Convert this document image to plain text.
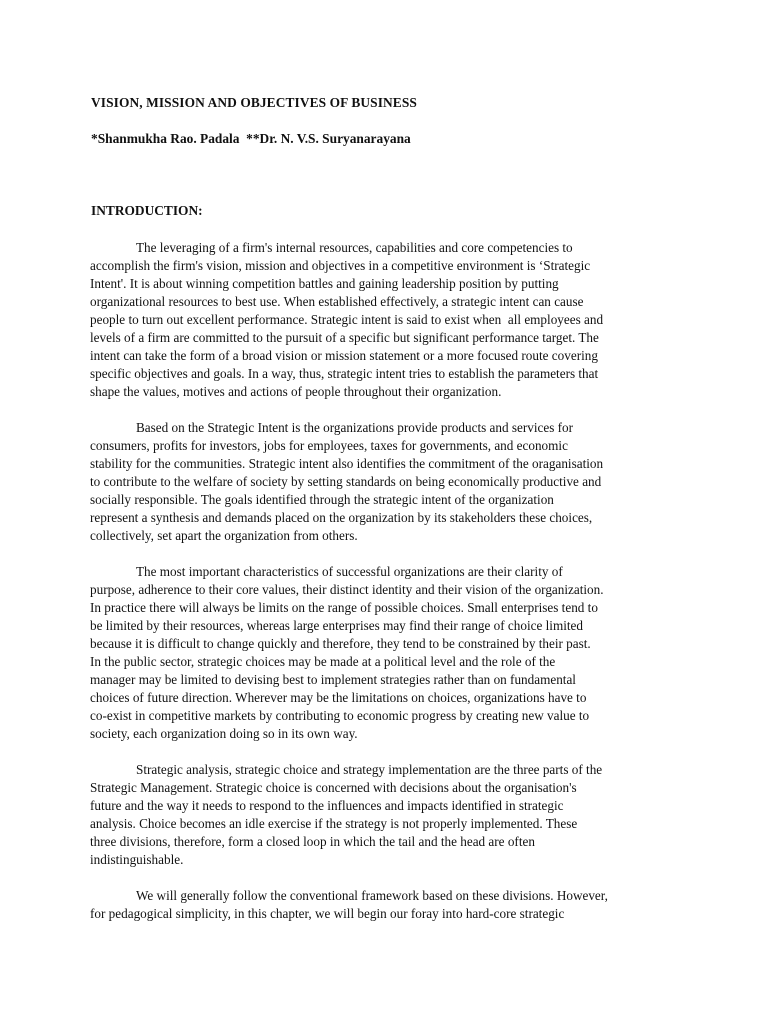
VISION, MISSION AND OBJECTIVES OF BUSINESS

*Shanmukha Rao. Padala  **Dr. N. V.S. Suryanarayana

INTRODUCTION:

The leveraging of a firm's internal resources, capabilities and core competencies to
accomplish the firm's vision, mission and objectives in a competitive environment is ‘Strategic
Intent'. It is about winning competition battles and gaining leadership position by putting
organizational resources to best use. When established effectively, a strategic intent can cause
people to turn out excellent performance. Strategic intent is said to exist when  all employees and
levels of a firm are committed to the pursuit of a specific but significant performance target. The
intent can take the form of a broad vision or mission statement or a more focused route covering
specific objectives and goals. In a way, thus, strategic intent tries to establish the parameters that
shape the values, motives and actions of people throughout their organization.

Based on the Strategic Intent is the organizations provide products and services for
consumers, profits for investors, jobs for employees, taxes for governments, and economic
stability for the communities. Strategic intent also identifies the commitment of the oraganisation
to contribute to the welfare of society by setting standards on being economically productive and
socially responsible. The goals identified through the strategic intent of the organization
represent a synthesis and demands placed on the organization by its stakeholders these choices,
collectively, set apart the organization from others.

The most important characteristics of successful organizations are their clarity of
purpose, adherence to their core values, their distinct identity and their vision of the organization.
In practice there will always be limits on the range of possible choices. Small enterprises tend to
be limited by their resources, whereas large enterprises may find their range of choice limited
because it is difficult to change quickly and therefore, they tend to be constrained by their past.
In the public sector, strategic choices may be made at a political level and the role of the
manager may be limited to devising best to implement strategies rather than on fundamental
choices of future direction. Wherever may be the limitations on choices, organizations have to
co-exist in competitive markets by contributing to economic progress by creating new value to
society, each organization doing so in its own way.

Strategic analysis, strategic choice and strategy implementation are the three parts of the
Strategic Management. Strategic choice is concerned with decisions about the organisation's
future and the way it needs to respond to the influences and impacts identified in strategic
analysis. Choice becomes an idle exercise if the strategy is not properly implemented. These
three divisions, therefore, form a closed loop in which the tail and the head are often
indistinguishable.

We will generally follow the conventional framework based on these divisions. However,
for pedagogical simplicity, in this chapter, we will begin our foray into hard-core strategic
